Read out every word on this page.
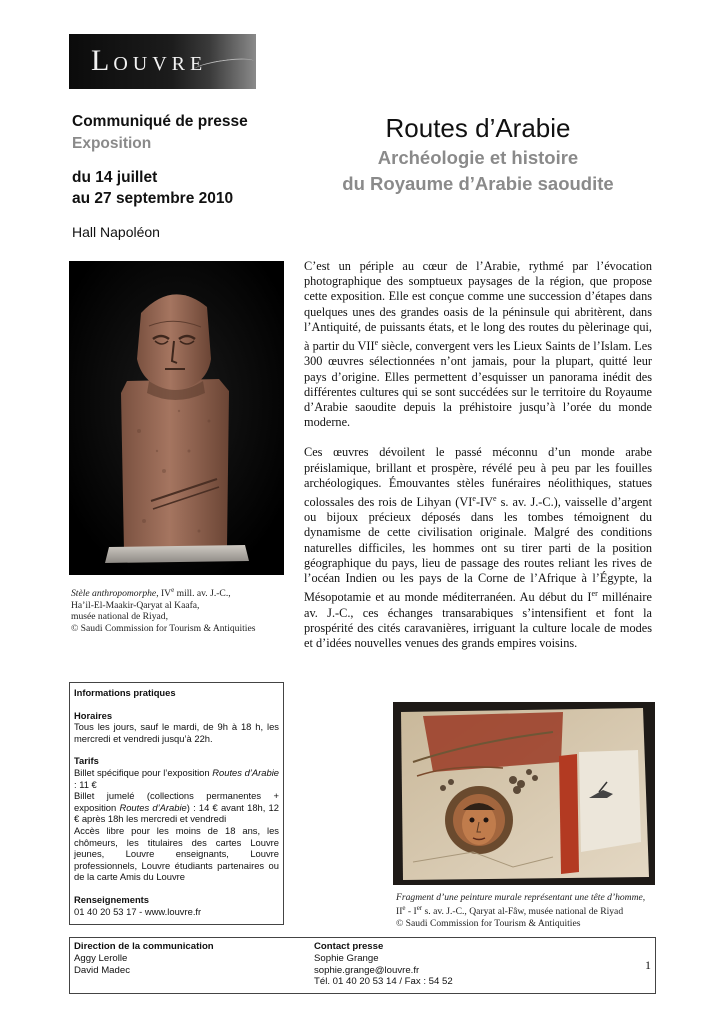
LOUVRE
Communiqué de presse
Exposition
du 14 juillet
au 27 septembre 2010
Hall Napoléon
Routes d’Arabie
Archéologie et histoire
du Royaume d’Arabie saoudite
Stèle anthropomorphe, IVe mill. av. J.-C.,
Ha’il-El-Maakir-Qaryat al Kaafa,
musée national de Riyad,
© Saudi Commission for Tourism & Antiquities

C’est un périple au cœur de l’Arabie, rythmé par l’évocation photographique des somptueux paysages de la région, que propose cette exposition. Elle est conçue comme une succession d’étapes dans quelques unes des grandes oasis de la péninsule qui abritèrent, dans l’Antiquité, de puissants états, et le long des routes du pèlerinage qui, à partir du VIIe siècle, convergent vers les Lieux Saints de l’Islam. Les 300 œuvres sélectionnées n’ont jamais, pour la plupart, quitté leur pays d’origine. Elles permettent d’esquisser un panorama inédit des différentes cultures qui se sont succédées sur le territoire du Royaume d’Arabie saoudite depuis la préhistoire jusqu’à l’orée du monde moderne.

Ces œuvres dévoilent le passé méconnu d’un monde arabe préislamique, brillant et prospère, révélé peu à peu par les fouilles archéologiques. Émouvantes stèles funéraires néolithiques, statues colossales des rois de Lihyan (VIe-IVe s. av. J.-C.), vaisselle d’argent ou bijoux précieux déposés dans les tombes témoignent du dynamisme de cette civilisation originale. Malgré des conditions naturelles difficiles, les hommes ont su tirer parti de la position géographique du pays, lieu de passage des routes reliant les rives de l’océan Indien ou les pays de la Corne de l’Afrique à l’Égypte, la Mésopotamie et au monde méditerranéen. Au début du Ier millénaire av. J.-C., ces échanges transarabiques s’intensifient et font la prospérité des cités caravanières, irriguant la culture locale de modes et d’idées nouvelles venues des grands empires voisins.

Informations pratiques
Horaires
Tous les jours, sauf le mardi, de 9h à 18 h, les mercredi et vendredi jusqu’à 22h.
Tarifs
Billet spécifique pour l’exposition Routes d’Arabie : 11 €
Billet jumelé (collections permanentes + exposition Routes d’Arabie) : 14 € avant 18h, 12 € après 18h les mercredi et vendredi
Accès libre pour les moins de 18 ans, les chômeurs, les titulaires des cartes Louvre jeunes, Louvre enseignants, Louvre professionnels, Louvre étudiants partenaires ou de la carte Amis du Louvre
Renseignements
01 40 20 53 17 - www.louvre.fr
Fragment d’une peinture murale représentant une tête d’homme,
IIe - Ier s. av. J.-C., Qaryat al-Fâw, musée national de Riyad
© Saudi Commission for Tourism & Antiquities
Direction de la communication
Aggy Lerolle
David Madec
Contact presse
Sophie Grange
sophie.grange@louvre.fr
Tél. 01 40 20 53 14 / Fax : 54 52
1
